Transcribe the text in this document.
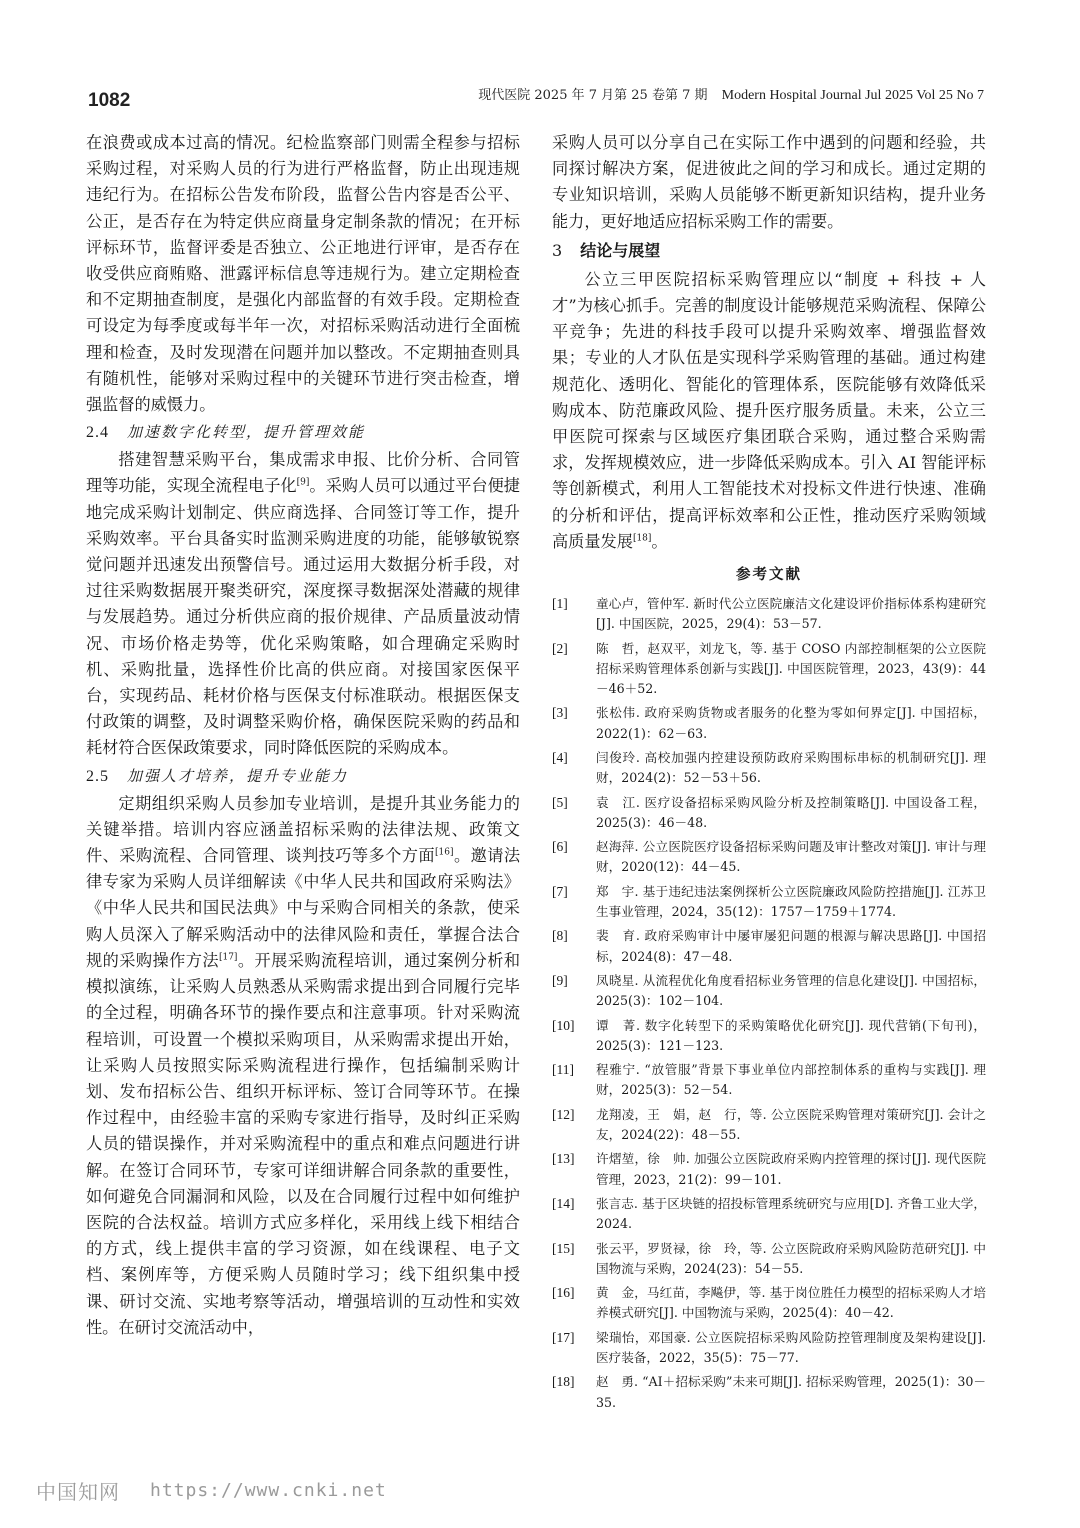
1082	现代医院 2025 年 7 月第 25 卷第 7 期 Modern Hospital Journal Jul 2025 Vol 25 No 7

在浪费或成本过高的情况。纪检监察部门则需全程参与招标采购过程，对采购人员的行为进行严格监督，防止出现违规违纪行为。在招标公告发布阶段，监督公告内容是否公平、公正，是否存在为特定供应商量身定制条款的情况；在开标评标环节，监督评委是否独立、公正地进行评审，是否存在收受供应商贿赂、泄露评标信息等违规行为。建立定期检查和不定期抽查制度，是强化内部监督的有效手段。定期检查可设定为每季度或每半年一次，对招标采购活动进行全面梳理和检查，及时发现潜在问题并加以整改。不定期抽查则具有随机性，能够对采购过程中的关键环节进行突击检查，增强监督的威慑力。

2.4 加速数字化转型，提升管理效能

搭建智慧采购平台，集成需求申报、比价分析、合同管理等功能，实现全流程电子化[9]。采购人员可以通过平台便捷地完成采购计划制定、供应商选择、合同签订等工作，提升采购效率。平台具备实时监测采购进度的功能，能够敏锐察觉问题并迅速发出预警信号。通过运用大数据分析手段，对过往采购数据展开聚类研究，深度探寻数据深处潜藏的规律与发展趋势。通过分析供应商的报价规律、产品质量波动情况、市场价格走势等，优化采购策略，如合理确定采购时机、采购批量，选择性价比高的供应商。对接国家医保平台，实现药品、耗材价格与医保支付标准联动。根据医保支付政策的调整，及时调整采购价格，确保医院采购的药品和耗材符合医保政策要求，同时降低医院的采购成本。

2.5 加强人才培养，提升专业能力

定期组织采购人员参加专业培训，是提升其业务能力的关键举措。培训内容应涵盖招标采购的法律法规、政策文件、采购流程、合同管理、谈判技巧等多个方面[16]。邀请法律专家为采购人员详细解读《中华人民共和国政府采购法》《中华人民共和国民法典》中与采购合同相关的条款，使采购人员深入了解采购活动中的法律风险和责任，掌握合法合规的采购操作方法[17]。开展采购流程培训，通过案例分析和模拟演练，让采购人员熟悉从采购需求提出到合同履行完毕的全过程，明确各环节的操作要点和注意事项。针对采购流程培训，可设置一个模拟采购项目，从采购需求提出开始，让采购人员按照实际采购流程进行操作，包括编制采购计划、发布招标公告、组织开标评标、签订合同等环节。在操作过程中，由经验丰富的采购专家进行指导，及时纠正采购人员的错误操作，并对采购流程中的重点和难点问题进行讲解。在签订合同环节，专家可详细讲解合同条款的重要性，如何避免合同漏洞和风险，以及在合同履行过程中如何维护医院的合法权益。培训方式应多样化，采用线上线下相结合的方式，线上提供丰富的学习资源，如在线课程、电子文档、案例库等，方便采购人员随时学习；线下组织集中授课、研讨交流、实地考察等活动，增强培训的互动性和实效性。在研讨交流活动中，

采购人员可以分享自己在实际工作中遇到的问题和经验，共同探讨解决方案，促进彼此之间的学习和成长。通过定期的专业知识培训，采购人员能够不断更新知识结构，提升业务能力，更好地适应招标采购工作的需要。

3 结论与展望

公立三甲医院招标采购管理应以“制度 + 科技 + 人才”为核心抓手。完善的制度设计能够规范采购流程、保障公平竞争；先进的科技手段可以提升采购效率、增强监督效果；专业的人才队伍是实现科学采购管理的基础。通过构建规范化、透明化、智能化的管理体系，医院能够有效降低采购成本、防范廉政风险、提升医疗服务质量。未来，公立三甲医院可探索与区域医疗集团联合采购，通过整合采购需求，发挥规模效应，进一步降低采购成本。引入 AI 智能评标等创新模式，利用人工智能技术对投标文件进行快速、准确的分析和评估，提高评标效率和公正性，推动医疗采购领域高质量发展[18]。

参考文献
[1]	童心卢，管仲军. 新时代公立医院廉洁文化建设评价指标体系构建研究[J]. 中国医院，2025，29(4)：53－57.
[2]	陈　哲，赵双平，刘龙飞，等. 基于 COSO 内部控制框架的公立医院招标采购管理体系创新与实践[J]. 中国医院管理，2023，43(9)：44－46＋52.
[3]	张松伟. 政府采购货物或者服务的化整为零如何界定[J]. 中国招标，2022(1)：62－63.
[4]	闫俊玲. 高校加强内控建设预防政府采购围标串标的机制研究[J]. 理财，2024(2)：52－53＋56.
[5]	袁　江. 医疗设备招标采购风险分析及控制策略[J]. 中国设备工程，2025(3)：46－48.
[6]	赵海萍. 公立医院医疗设备招标采购问题及审计整改对策[J]. 审计与理财，2020(12)：44－45.
[7]	郑　宇. 基于违纪违法案例探析公立医院廉政风险防控措施[J]. 江苏卫生事业管理，2024，35(12)：1757－1759＋1774.
[8]	裴　育. 政府采购审计中屡审屡犯问题的根源与解决思路[J]. 中国招标，2024(8)：47－48.
[9]	凤晓星. 从流程优化角度看招标业务管理的信息化建设[J]. 中国招标，2025(3)：102－104.
[10]	谭　菁. 数字化转型下的采购策略优化研究[J]. 现代营销(下旬刊)，2025(3)：121－123.
[11]	程雅宁. “放管服”背景下事业单位内部控制体系的重构与实践[J]. 理财，2025(3)：52－54.
[12]	龙翔凌，王　娟，赵　行，等. 公立医院采购管理对策研究[J]. 会计之友，2024(22)：48－55.
[13]	许熠堃，徐　帅. 加强公立医院政府采购内控管理的探讨[J]. 现代医院管理，2023，21(2)：99－101.
[14]	张言志. 基于区块链的招投标管理系统研究与应用[D]. 齐鲁工业大学，2024.
[15]	张云平，罗贤禄，徐　玲，等. 公立医院政府采购风险防范研究[J]. 中国物流与采购，2024(23)：54－55.
[16]	黄　金，马红苗，李飚伊，等. 基于岗位胜任力模型的招标采购人才培养模式研究[J]. 中国物流与采购，2025(4)：40－42.
[17]	梁瑞怡，邓国豪. 公立医院招标采购风险防控管理制度及架构建设[J]. 医疗装备，2022，35(5)：75－77.
[18]	赵　勇. “AI＋招标采购”未来可期[J]. 招标采购管理，2025(1)：30－35.
中国知网 https://www.cnki.net
